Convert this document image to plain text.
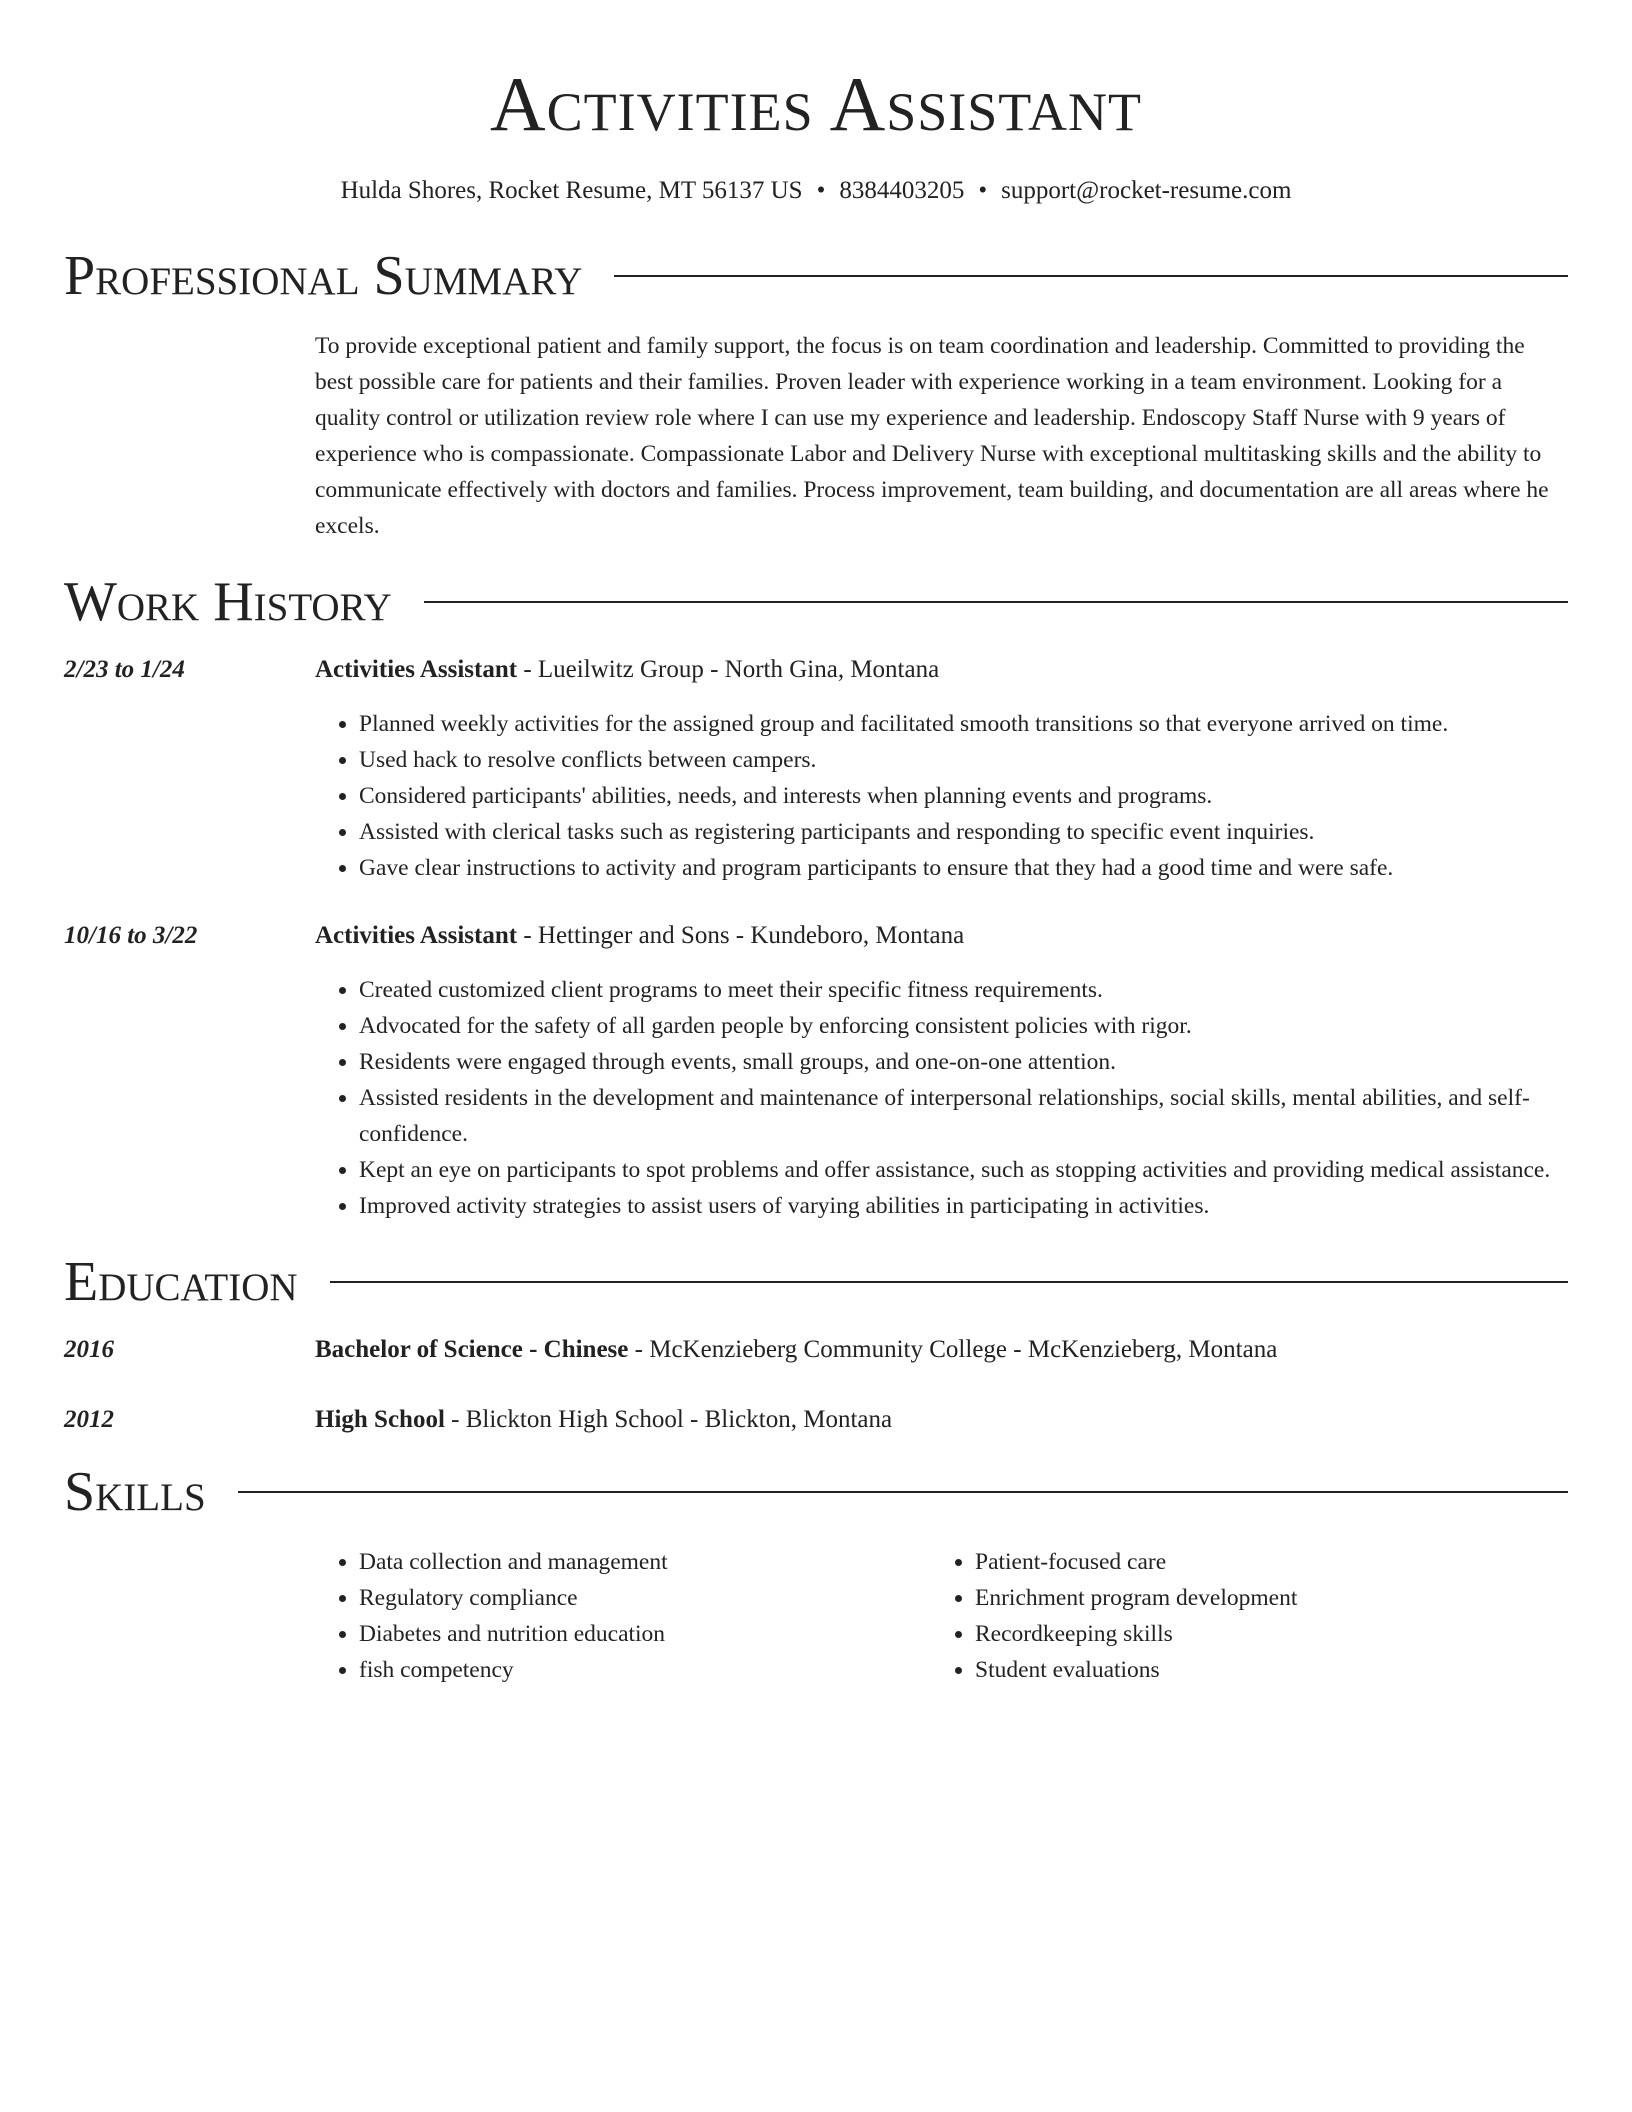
Activities Assistant
Hulda Shores, Rocket Resume, MT 56137 US • 8384403205 • support@rocket-resume.com
Professional Summary
To provide exceptional patient and family support, the focus is on team coordination and leadership. Committed to providing the best possible care for patients and their families. Proven leader with experience working in a team environment. Looking for a quality control or utilization review role where I can use my experience and leadership. Endoscopy Staff Nurse with 9 years of experience who is compassionate. Compassionate Labor and Delivery Nurse with exceptional multitasking skills and the ability to communicate effectively with doctors and families. Process improvement, team building, and documentation are all areas where he excels.
Work History
2/23 to 1/24	Activities Assistant - Lueilwitz Group - North Gina, Montana
• Planned weekly activities for the assigned group and facilitated smooth transitions so that everyone arrived on time.
• Used hack to resolve conflicts between campers.
• Considered participants' abilities, needs, and interests when planning events and programs.
• Assisted with clerical tasks such as registering participants and responding to specific event inquiries.
• Gave clear instructions to activity and program participants to ensure that they had a good time and were safe.
10/16 to 3/22	Activities Assistant - Hettinger and Sons - Kundeboro, Montana
• Created customized client programs to meet their specific fitness requirements.
• Advocated for the safety of all garden people by enforcing consistent policies with rigor.
• Residents were engaged through events, small groups, and one-on-one attention.
• Assisted residents in the development and maintenance of interpersonal relationships, social skills, mental abilities, and self-confidence.
• Kept an eye on participants to spot problems and offer assistance, such as stopping activities and providing medical assistance.
• Improved activity strategies to assist users of varying abilities in participating in activities.
Education
2016	Bachelor of Science - Chinese - McKenzieberg Community College - McKenzieberg, Montana
2012	High School - Blickton High School - Blickton, Montana
Skills
• Data collection and management
• Regulatory compliance
• Diabetes and nutrition education
• fish competency
• Patient-focused care
• Enrichment program development
• Recordkeeping skills
• Student evaluations
